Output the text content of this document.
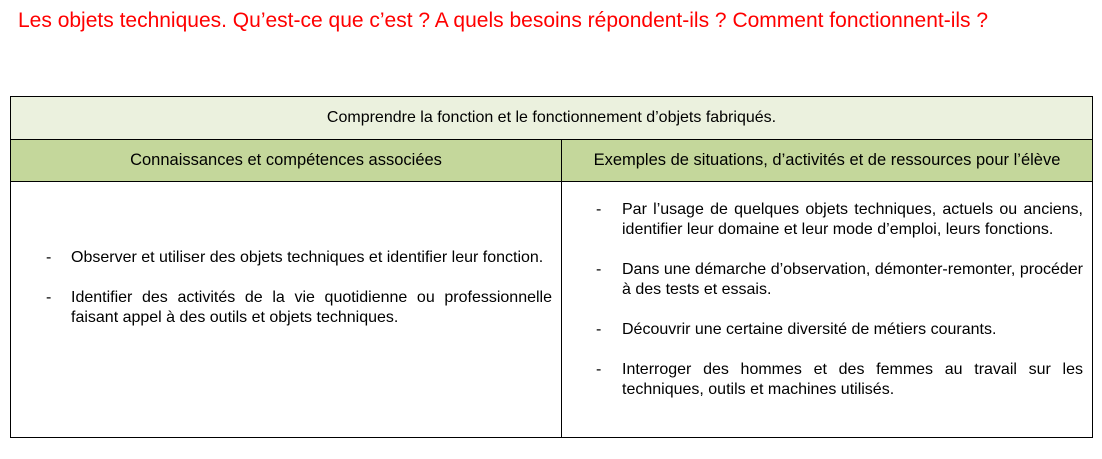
Les objets techniques. Qu’est-ce que c’est ? A quels besoins répondent-ils ? Comment fonctionnent-ils ?
Comprendre la fonction et le fonctionnement d’objets fabriqués.
Connaissances et compétences associées	Exemples de situations, d’activités et de ressources pour l’élève
- Observer et utiliser des objets techniques et identifier leur fonction.
- Identifier des activités de la vie quotidienne ou professionnelle faisant appel à des outils et objets techniques.
- Par l’usage de quelques objets techniques, actuels ou anciens, identifier leur domaine et leur mode d’emploi, leurs fonctions.
- Dans une démarche d’observation, démonter-remonter, procéder à des tests et essais.
- Découvrir une certaine diversité de métiers courants.
- Interroger des hommes et des femmes au travail sur les techniques, outils et machines utilisés.
